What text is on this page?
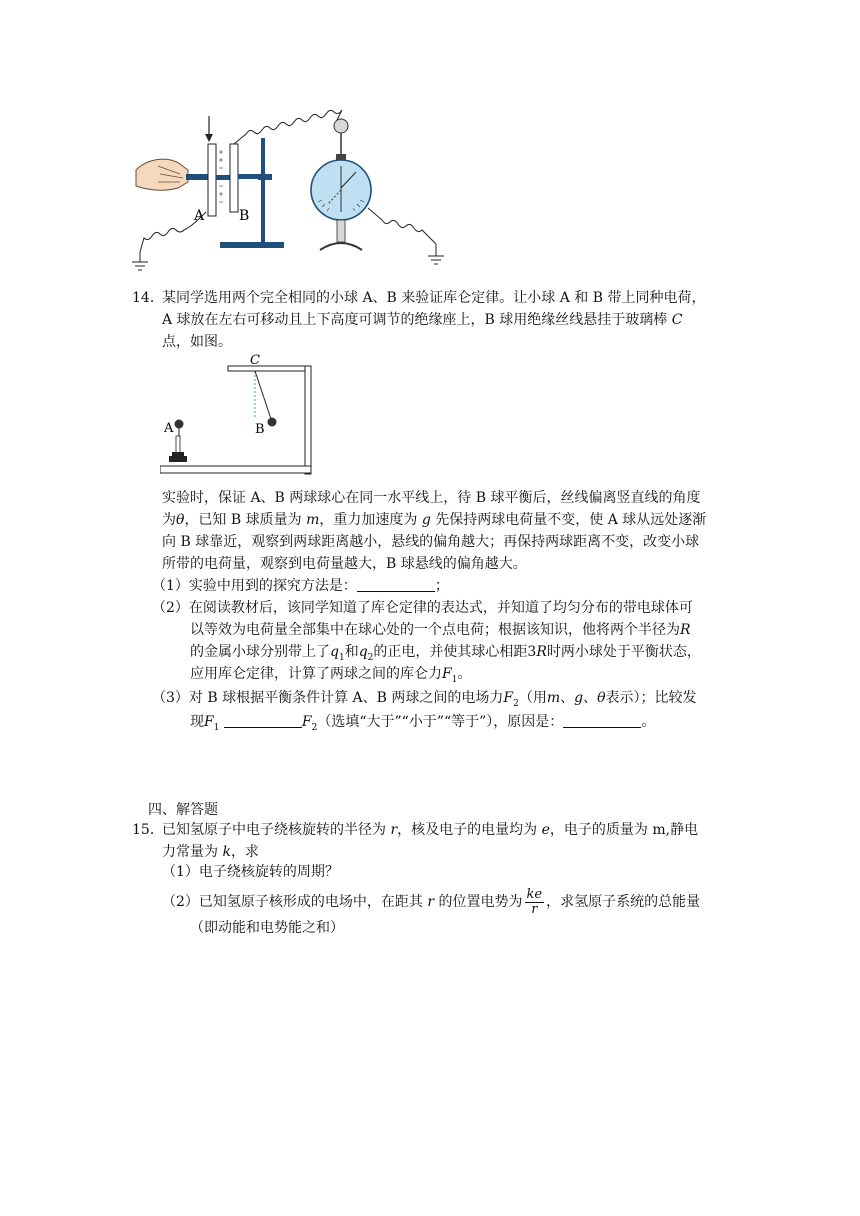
A B
14．
某同学选用两个完全相同的小球 A、B 来验证库仑定律。让小球 A 和 B 带上同种电荷，
A 球放在左右可移动且上下高度可调节的绝缘座上，B 球用绝缘丝线悬挂于玻璃棒 C
点，如图。
C
A	B
实验时，保证 A、B 两球球心在同一水平线上，待 B 球平衡后，丝线偏离竖直线的角度
为θ，已知 B 球质量为 m，重力加速度为 g 先保持两球电荷量不变，使 A 球从远处逐渐
向 B 球靠近，观察到两球距离越小，悬线的偏角越大；再保持两球距离不变，改变小球
所带的电荷量，观察到电荷量越大，B 球悬线的偏角越大。
（1）实验中用到的探究方法是：	；
（2）在阅读教材后，该同学知道了库仑定律的表达式，并知道了均匀分布的带电球体可
以等效为电荷量全部集中在球心处的一个点电荷；根据该知识，他将两个半径为R
的金属小球分别带上了$q_1$和$q_2$的正电，并使其球心相距3R时两小球处于平衡状态，
应用库仑定律，计算了两球之间的库仑力$F_1$。
（3）对 B 球根据平衡条件计算 A、B 两球之间的电场力$F_2$（用m、g、θ表示）；比较发
现$F_1$	$F_2$（选填“大于”“小于”“等于”），原因是：	。
四、解答题
15．
已知氢原子中电子绕核旋转的半径为 r，核及电子的电量均为 e，电子的质量为 m,静电
力常量为 k，求
（1）电子绕核旋转的周期？
（2）已知氢原子核形成的电场中，在距其 r 的位置电势为 $\frac{ke}{r}$ ，求氢原子系统的总能量
（即动能和电势能之和）
